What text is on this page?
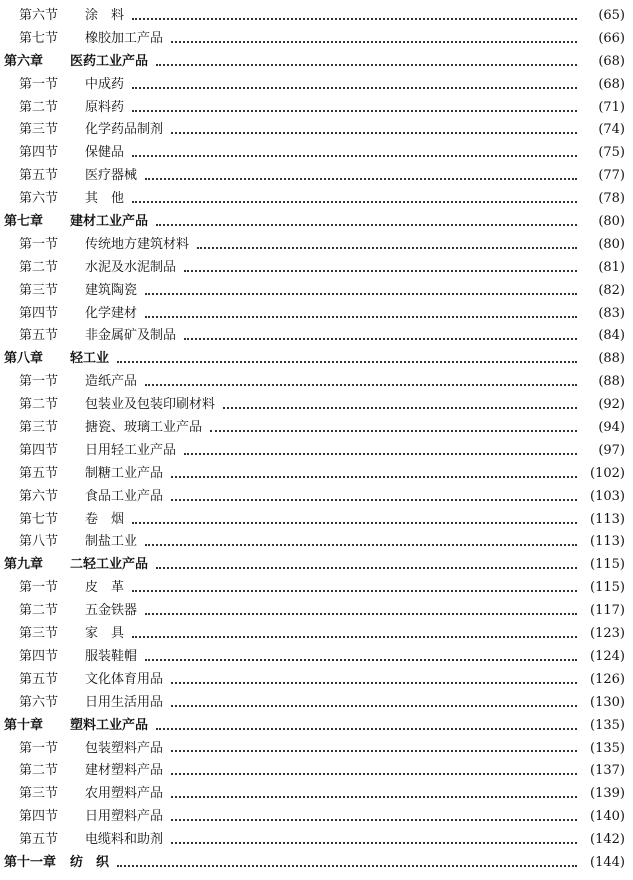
第六节	涂　料	(65)
第七节	橡胶加工产品	(66)
第六章	医药工业产品	(68)
第一节	中成药	(68)
第二节	原料药	(71)
第三节	化学药品制剂	(74)
第四节	保健品	(75)
第五节	医疗器械	(77)
第六节	其　他	(78)
第七章	建材工业产品	(80)
第一节	传统地方建筑材料	(80)
第二节	水泥及水泥制品	(81)
第三节	建筑陶瓷	(82)
第四节	化学建材	(83)
第五节	非金属矿及制品	(84)
第八章	轻工业	(88)
第一节	造纸产品	(88)
第二节	包装业及包装印刷材料	(92)
第三节	搪瓷、玻璃工业产品	(94)
第四节	日用轻工业产品	(97)
第五节	制糖工业产品	(102)
第六节	食品工业产品	(103)
第七节	卷　烟	(113)
第八节	制盐工业	(113)
第九章	二轻工业产品	(115)
第一节	皮　革	(115)
第二节	五金铁器	(117)
第三节	家　具	(123)
第四节	服装鞋帽	(124)
第五节	文化体育用品	(126)
第六节	日用生活用品	(130)
第十章	塑料工业产品	(135)
第一节	包装塑料产品	(135)
第二节	建材塑料产品	(137)
第三节	农用塑料产品	(139)
第四节	日用塑料产品	(140)
第五节	电缆料和助剂	(142)
第十一章	纺　织	(144)
